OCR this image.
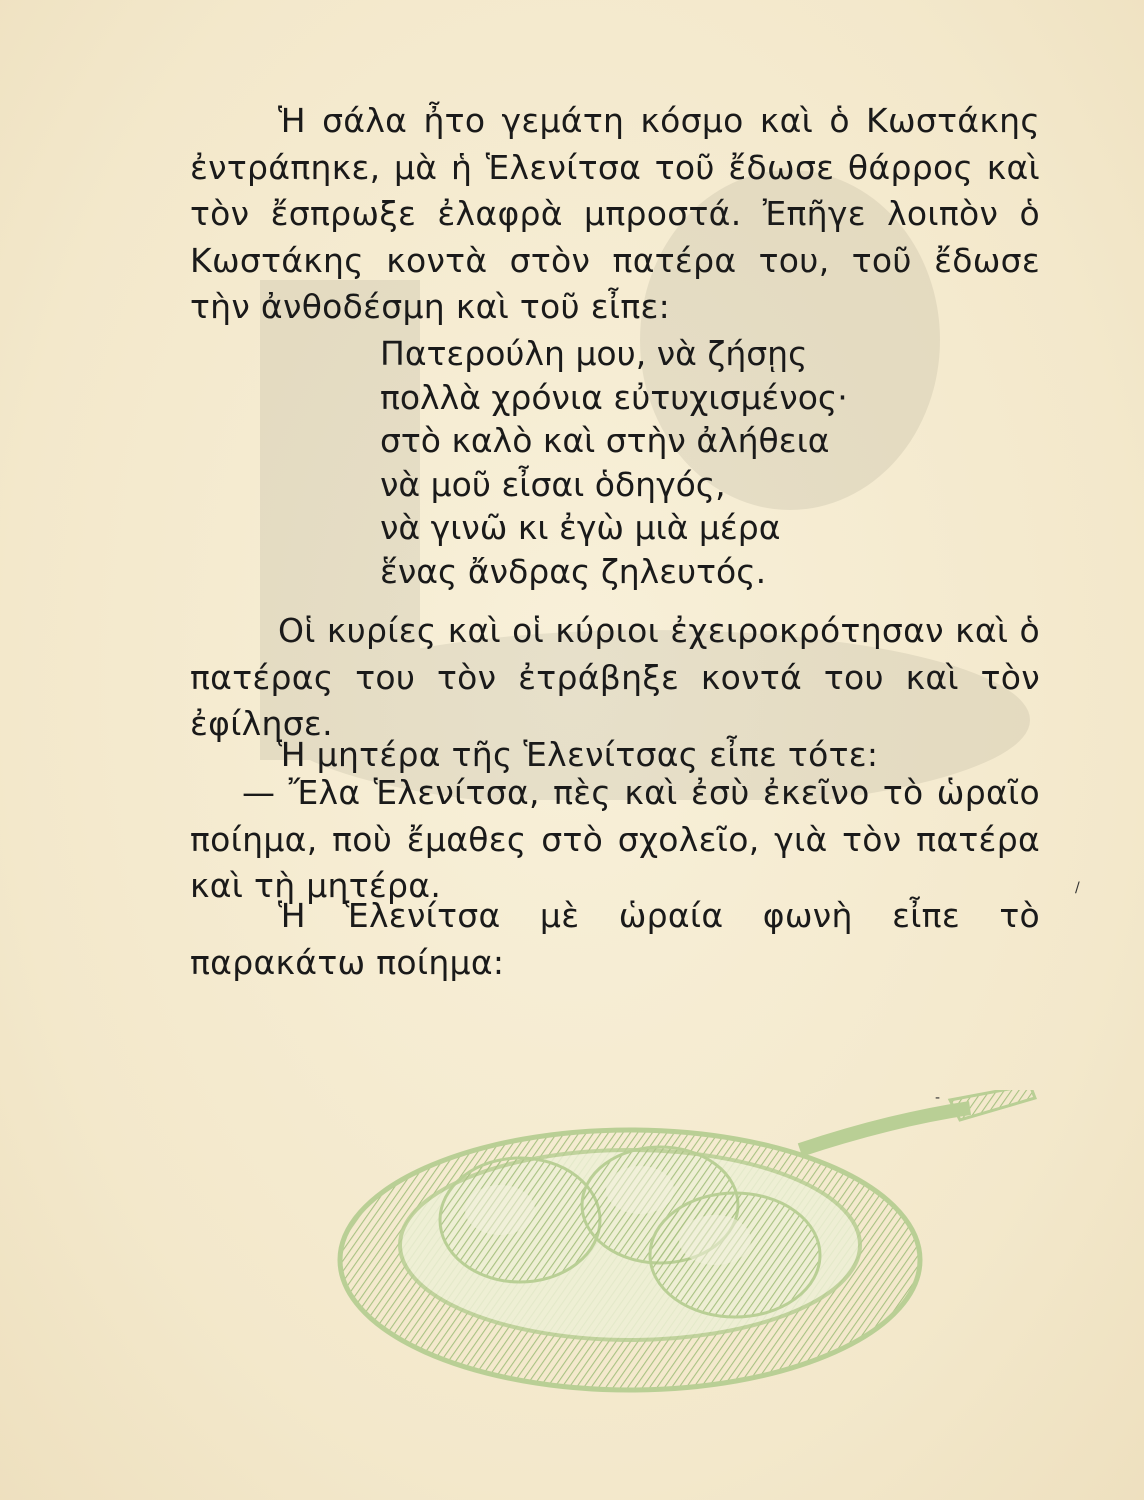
Ἡ σάλα ἦτο γεμάτη κόσμο καὶ ὁ Κωστάκης ἐντράπηκε, μὰ ἡ Ἑλενίτσα τοῦ ἔδωσε θάρρος καὶ τὸν ἔσπρωξε ἐλαφρὰ μπροστά. Ἐπῆγε λοιπὸν ὁ Κωστάκης κοντὰ στὸν πατέρα του, τοῦ ἔδωσε τὴν ἀνθοδέσμη καὶ τοῦ εἶπε:

Πατερούλη μου, νὰ ζήσῃς
πολλὰ χρόνια εὐτυχισμένος·
στὸ καλὸ καὶ στὴν ἀλήθεια
νὰ μοῦ εἶσαι ὁδηγός,
νὰ γινῶ κι ἐγὼ μιὰ μέρα
ἕνας ἄνδρας ζηλευτός.

Οἱ κυρίες καὶ οἱ κύριοι ἐχειροκρότησαν καὶ ὁ πατέρας του τὸν ἐτράβηξε κοντά του καὶ τὸν ἐφίλησε.

Ἡ μητέρα τῆς Ἑλενίτσας εἶπε τότε:

— Ἔλα Ἑλενίτσα, πὲς καὶ ἐσὺ ἐκεῖνο τὸ ὡραῖο ποίημα, ποὺ ἔμαθες στὸ σχολεῖο, γιὰ τὸν πατέρα καὶ τὴ μητέρα.

Ἡ Ἑλενίτσα μὲ ὡραία φωνὴ εἶπε τὸ παρακάτω ποίημα:

/
-
